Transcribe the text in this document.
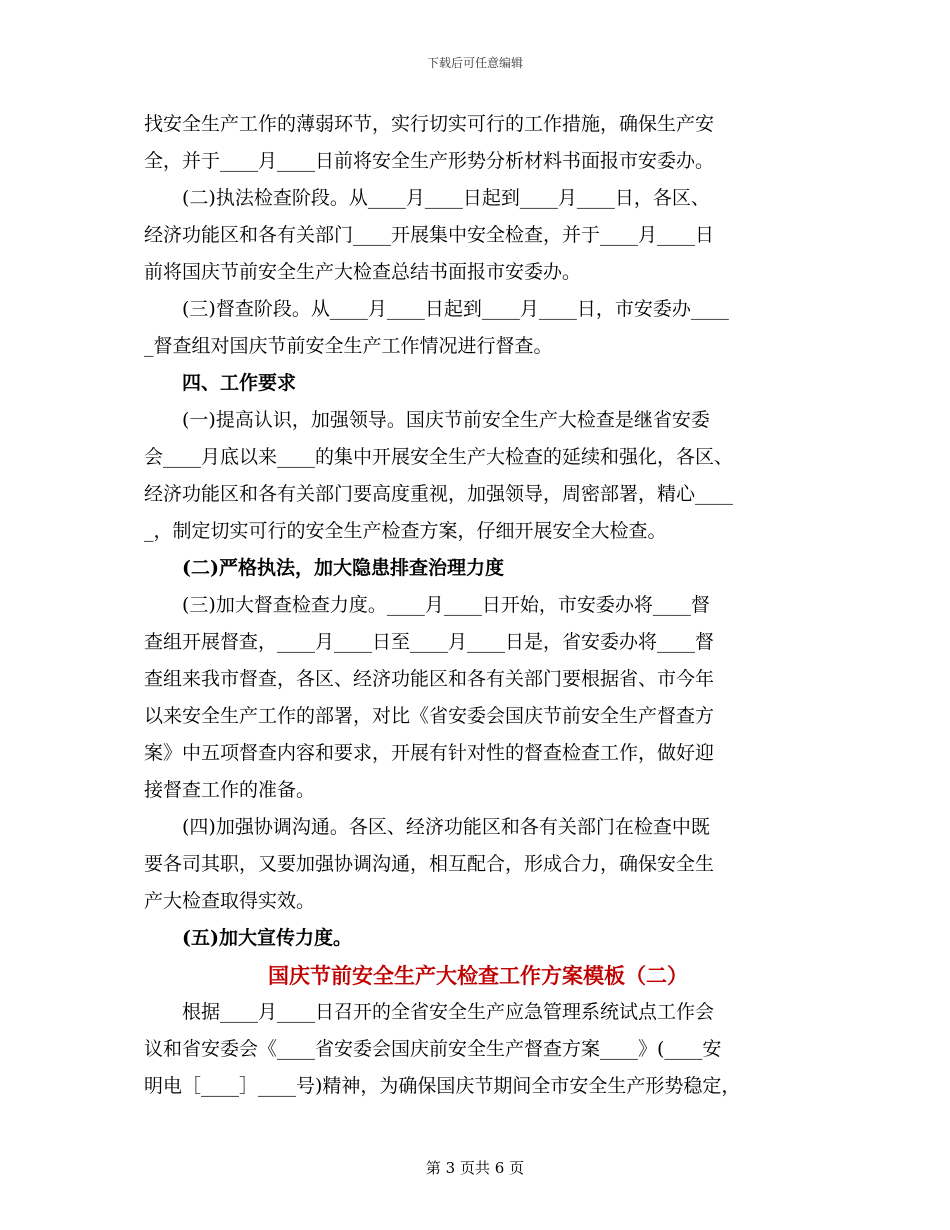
下载后可任意编辑
找安全生产工作的薄弱环节，实行切实可行的工作措施，确保生产安
全，并于____月____日前将安全生产形势分析材料书面报市安委办。
(二)执法检查阶段。从____月____日起到____月____日，各区、
经济功能区和各有关部门____开展集中安全检查，并于____月____日
前将国庆节前安全生产大检查总结书面报市安委办。
(三)督查阶段。从____月____日起到____月____日，市安委办____
_督查组对国庆节前安全生产工作情况进行督查。
四、工作要求
(一)提高认识，加强领导。国庆节前安全生产大检查是继省安委
会____月底以来____的集中开展安全生产大检查的延续和强化，各区、
经济功能区和各有关部门要高度重视，加强领导，周密部署，精心____
_，制定切实可行的安全生产检查方案，仔细开展安全大检查。
(二)严格执法，加大隐患排查治理力度
(三)加大督查检查力度。____月____日开始，市安委办将____督
查组开展督查，____月____日至____月____日是，省安委办将____督
查组来我市督查，各区、经济功能区和各有关部门要根据省、市今年
以来安全生产工作的部署，对比《省安委会国庆节前安全生产督查方
案》中五项督查内容和要求，开展有针对性的督查检查工作，做好迎
接督查工作的准备。
(四)加强协调沟通。各区、经济功能区和各有关部门在检查中既
要各司其职，又要加强协调沟通，相互配合，形成合力，确保安全生
产大检查取得实效。
(五)加大宣传力度。
国庆节前安全生产大检查工作方案模板（二）
根据____月____日召开的全省安全生产应急管理系统试点工作会
议和省安委会《____省安委会国庆前安全生产督查方案____》(____安
明电［____］____号)精神，为确保国庆节期间全市安全生产形势稳定，
第 3 页共 6 页
